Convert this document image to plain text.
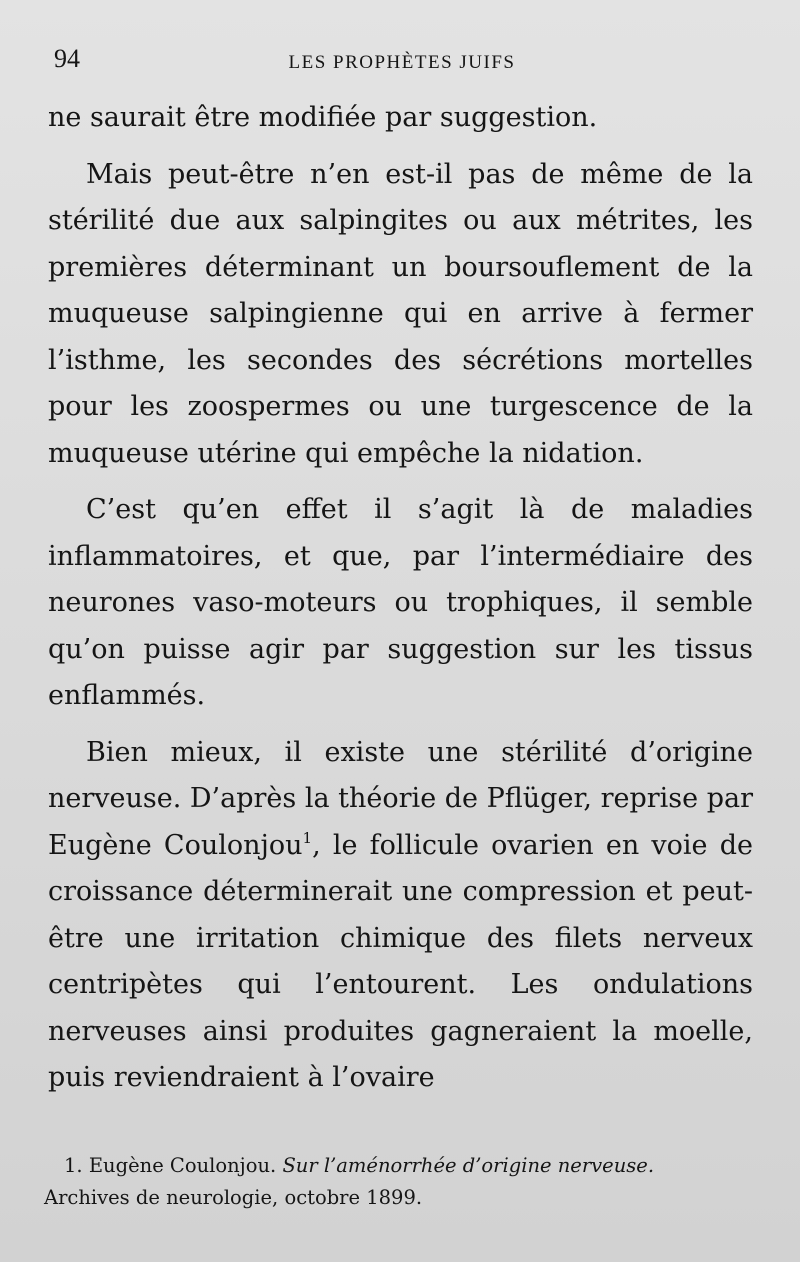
94	LES PROPHÈTES JUIFS

ne saurait être modifiée par suggestion.

Mais peut-être n’en est-il pas de même de la stérilité due aux salpingites ou aux métrites, les premières déterminant un boursouflement de la muqueuse salpingienne qui en arrive à fermer l’isthme, les secondes des sécrétions mortelles pour les zoospermes ou une turgescence de la muqueuse utérine qui empêche la nidation.

C’est qu’en effet il s’agit là de maladies inflammatoires, et que, par l’intermédiaire des neurones vaso-moteurs ou trophiques, il semble qu’on puisse agir par suggestion sur les tissus enflammés.

Bien mieux, il existe une stérilité d’origine nerveuse. D’après la théorie de Pflüger, reprise par Eugène Coulonjou$^1$, le follicule ovarien en voie de croissance déterminerait une compression et peut-être une irritation chimique des filets nerveux centripètes qui l’entourent. Les ondulations nerveuses ainsi produites gagneraient la moelle, puis reviendraient à l’ovaire

1. Eugène Coulonjou. Sur l’aménorrhée d’origine nerveuse.

Archives de neurologie, octobre 1899.
